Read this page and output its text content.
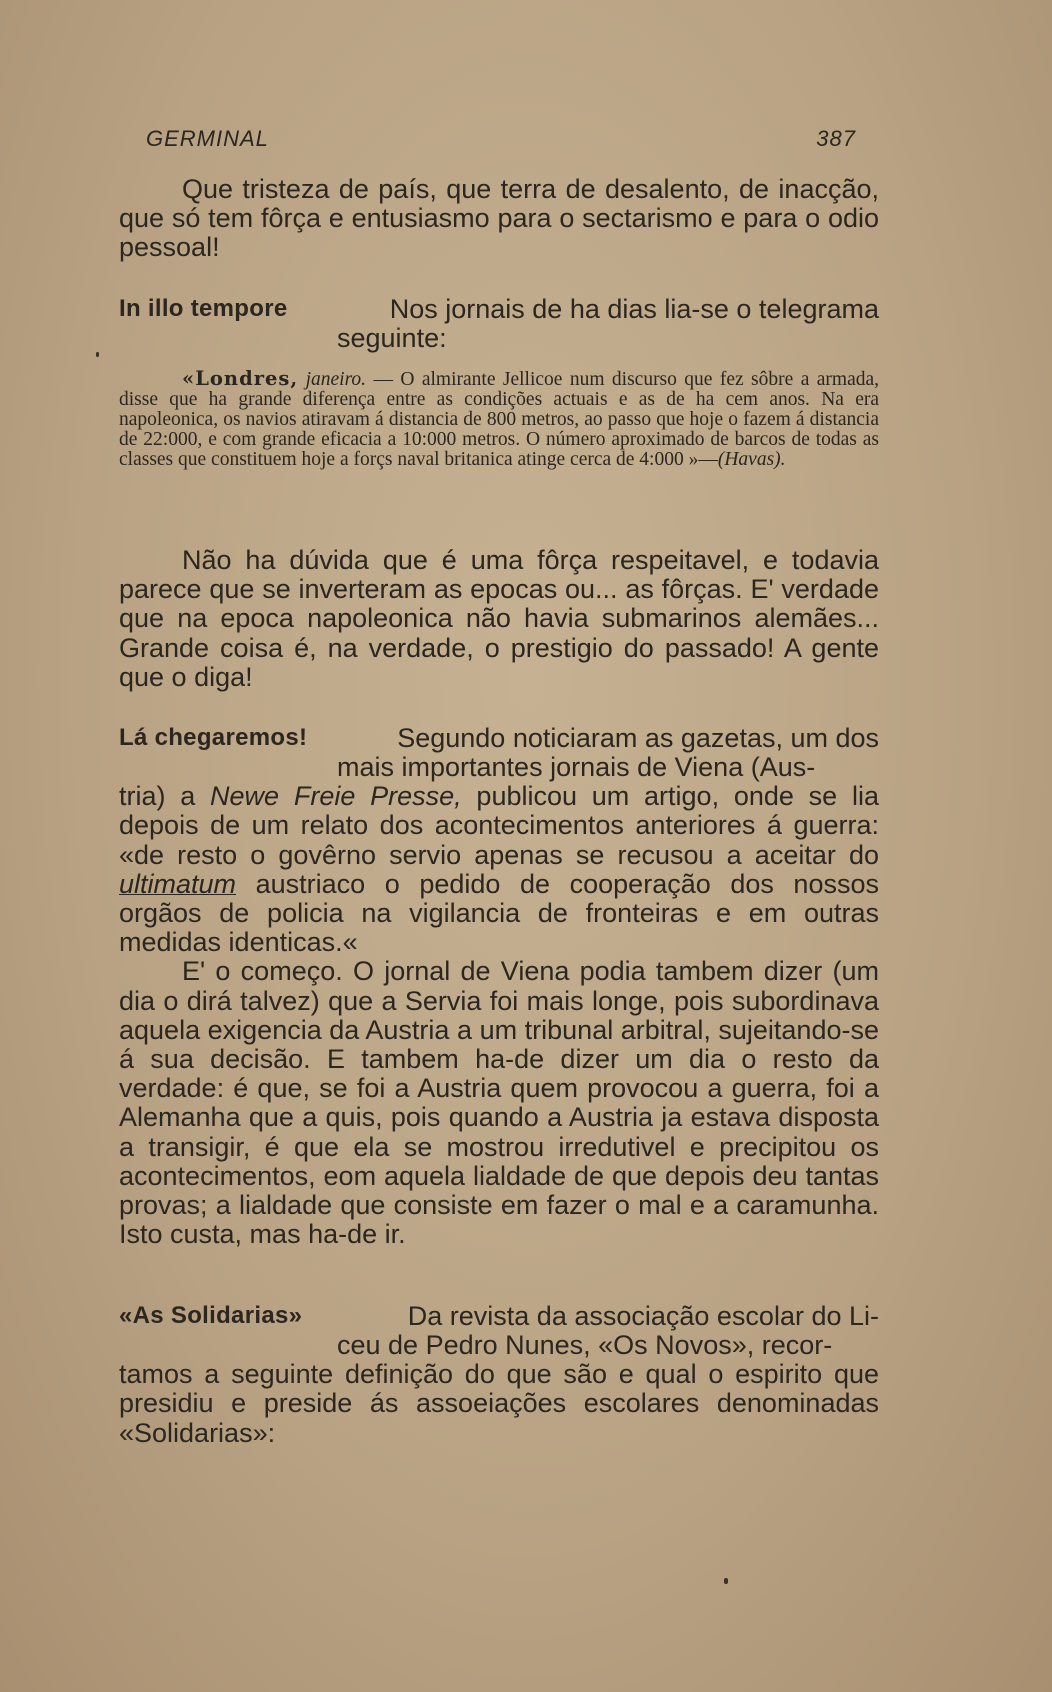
GERMINAL	387

Que tristeza de país, que terra de desalento, de inacção, que só tem fôrça e entusiasmo para o sectarismo e para o odio pessoal!

In illo tempore	Nos jornais de ha dias lia-se o telegrama

seguinte:

«Londres, janeiro. — O almirante Jellicoe num discurso que fez sôbre a armada, disse que ha grande diferença entre as condições actuais e as de ha cem anos. Na era napoleonica, os navios atiravam á distancia de 800 metros, ao passo que hoje o fazem á distancia de 22:000, e com grande eficacia a 10:000 metros. O número aproximado de barcos de todas as classes que constituem hoje a forçs naval britanica atinge cerca de 4:000 »—(Havas).

Não ha dúvida que é uma fôrça respeitavel, e todavia parece que se inverteram as epocas ou... as fôrças. E' verdade que na epoca napoleonica não havia submarinos alemães... Grande coisa é, na verdade, o prestigio do passado! A gente que o diga!

Lá chegaremos!	Segundo noticiaram as gazetas, um dos

mais importantes jornais de Viena (Aus-

tria) a Newe Freie Presse, publicou um artigo, onde se lia depois de um relato dos acontecimentos anteriores á guerra: «de resto o govêrno servio apenas se recusou a aceitar do ultimatum austriaco o pedido de cooperação dos nossos orgãos de policia na vigilancia de fronteiras e em outras medidas identicas.«

E' o começo. O jornal de Viena podia tambem dizer (um dia o dirá talvez) que a Servia foi mais longe, pois subordinava aquela exigencia da Austria a um tribunal arbitral, sujeitando-se á sua decisão. E tambem ha-de dizer um dia o resto da verdade: é que, se foi a Austria quem provocou a guerra, foi a Alemanha que a quis, pois quando a Austria ja estava disposta a transigir, é que ela se mostrou irredutivel e precipitou os acontecimentos, eom aquela lialdade de que depois deu tantas provas; a lialdade que consiste em fazer o mal e a caramunha. Isto custa, mas ha-de ir.

«As Solidarias»	Da revista da associação escolar do Li-

ceu de Pedro Nunes, «Os Novos», recor-

tamos a seguinte definição do que são e qual o espirito que presidiu e preside ás assoeiações escolares denominadas «Solidarias»:
